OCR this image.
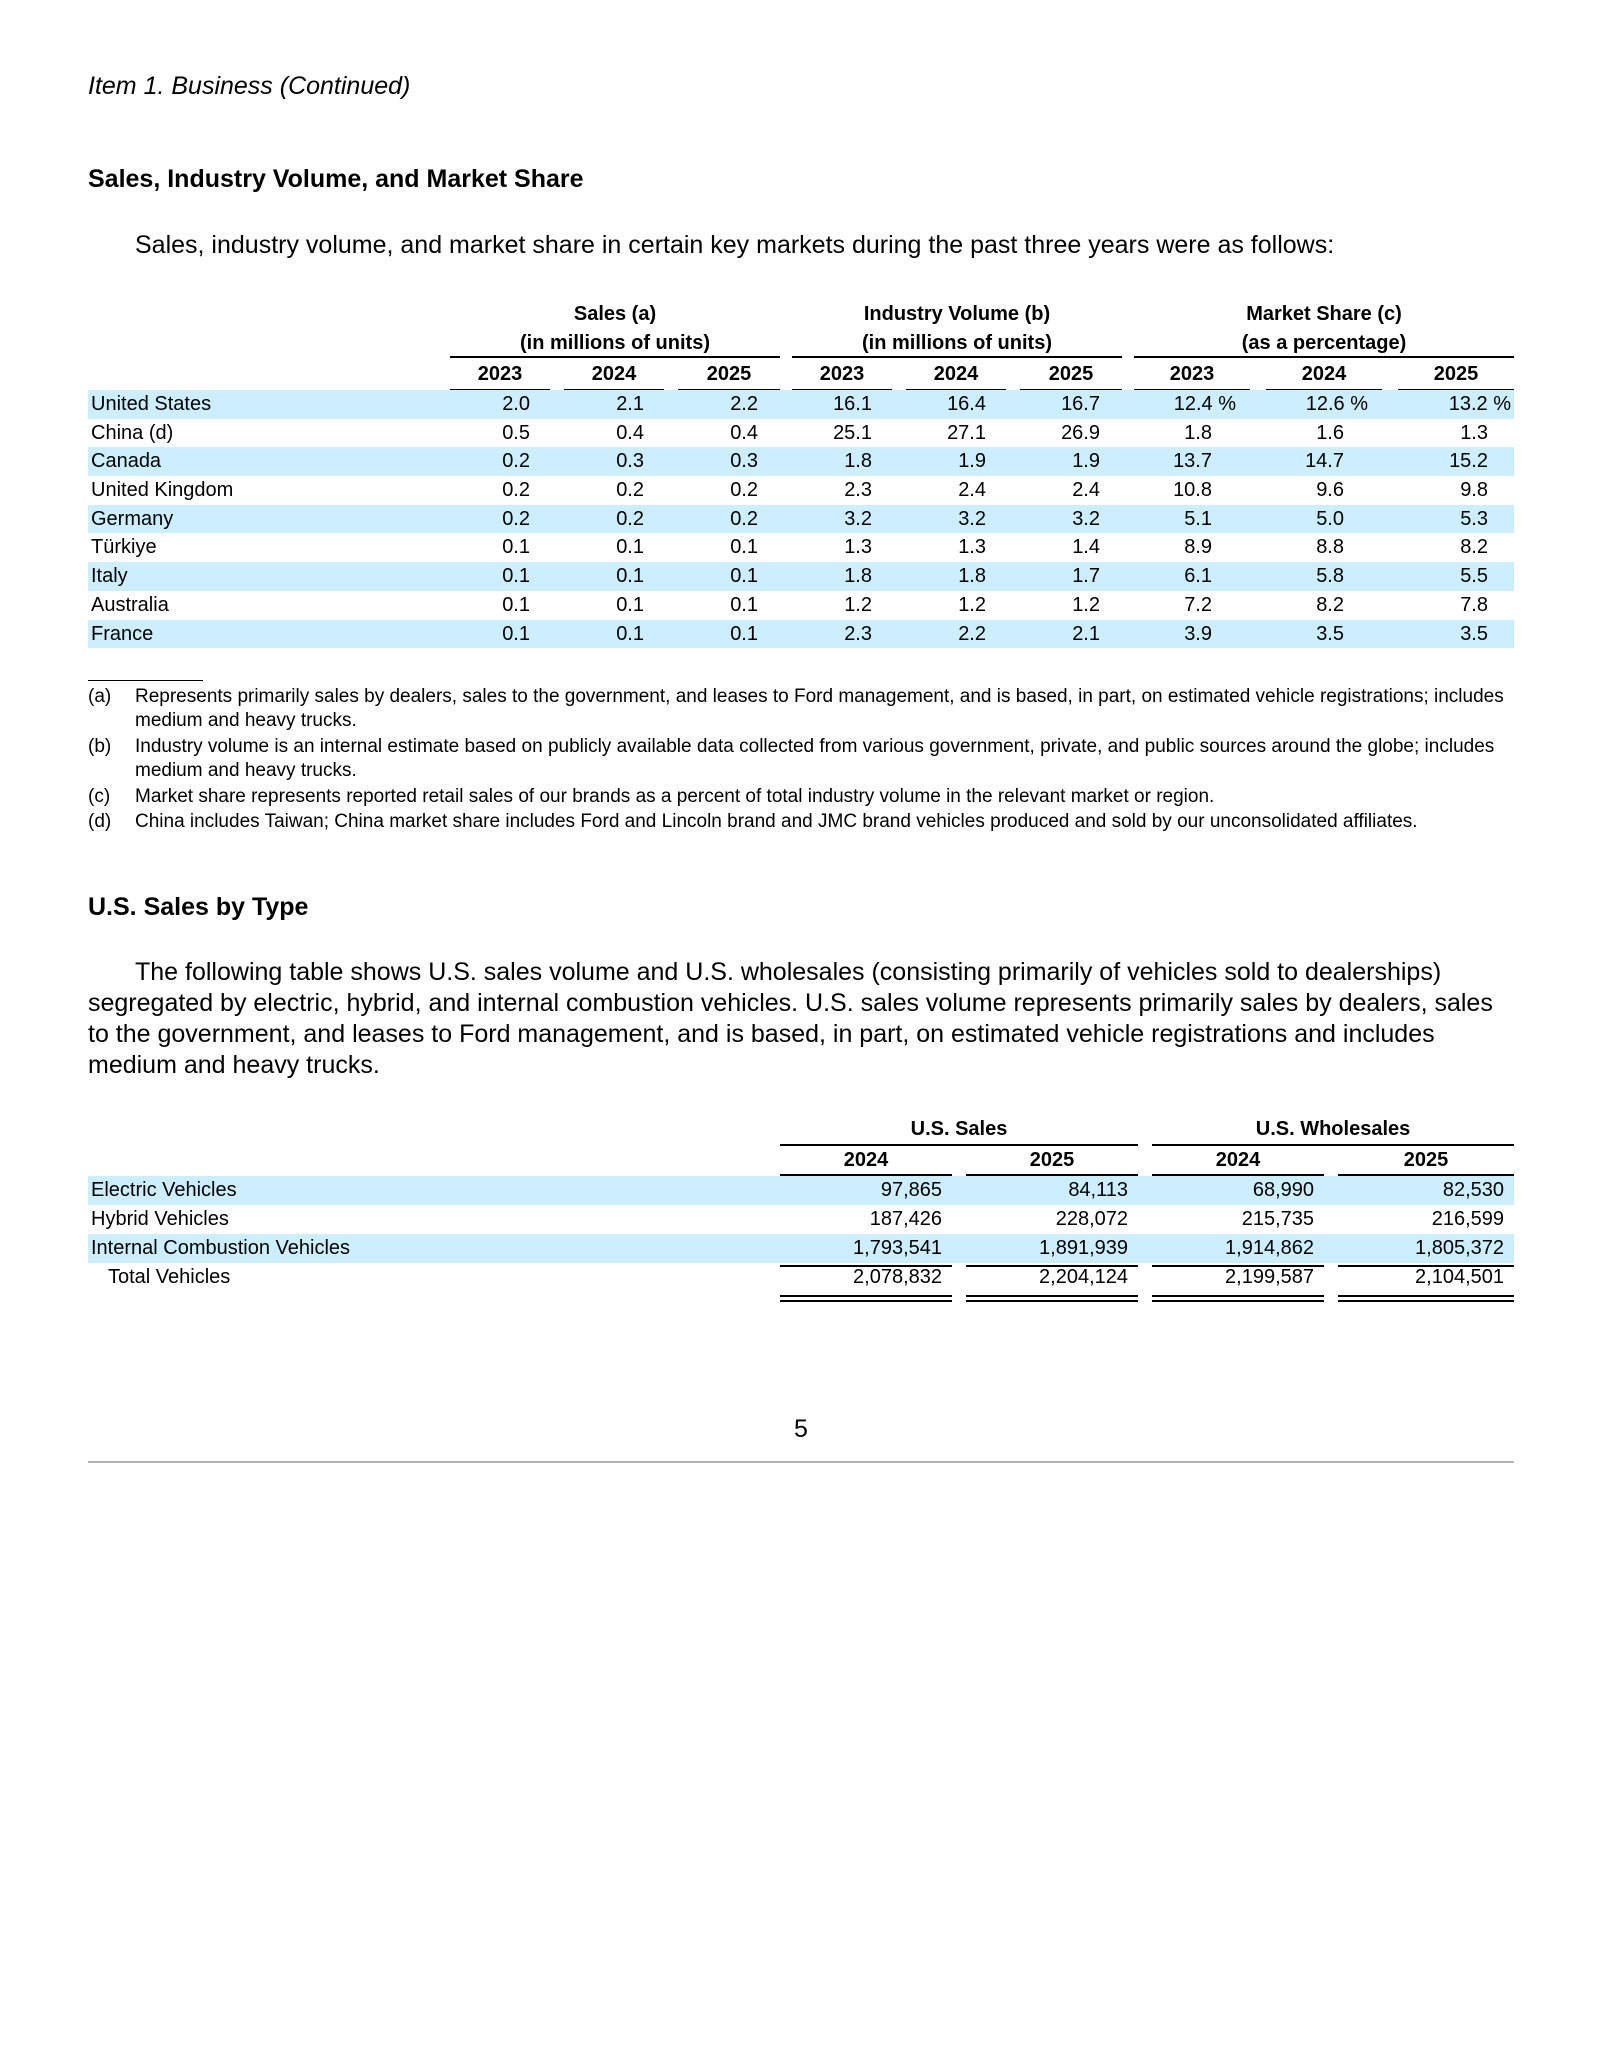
Item 1. Business (Continued)
Sales, Industry Volume, and Market Share
Sales, industry volume, and market share in certain key markets during the past three years were as follows:
Sales (a)
(in millions of units)
Industry Volume (b)
(in millions of units)
Market Share (c)
(as a percentage)
2023	2024	2025	2023	2024	2025	2023	2024	2025
United States	2.0	2.1	2.2	16.1	16.4	16.7	12.4 %	12.6 %	13.2 %
China (d)	0.5	0.4	0.4	25.1	27.1	26.9	1.8	1.6	1.3
Canada	0.2	0.3	0.3	1.8	1.9	1.9	13.7	14.7	15.2
United Kingdom	0.2	0.2	0.2	2.3	2.4	2.4	10.8	9.6	9.8
Germany	0.2	0.2	0.2	3.2	3.2	3.2	5.1	5.0	5.3
Türkiye	0.1	0.1	0.1	1.3	1.3	1.4	8.9	8.8	8.2
Italy	0.1	0.1	0.1	1.8	1.8	1.7	6.1	5.8	5.5
Australia	0.1	0.1	0.1	1.2	1.2	1.2	7.2	8.2	7.8
France	0.1	0.1	0.1	2.3	2.2	2.1	3.9	3.5	3.5
(a) Represents primarily sales by dealers, sales to the government, and leases to Ford management, and is based, in part, on estimated vehicle registrations; includes medium and heavy trucks.
(b) Industry volume is an internal estimate based on publicly available data collected from various government, private, and public sources around the globe; includes medium and heavy trucks.
(c) Market share represents reported retail sales of our brands as a percent of total industry volume in the relevant market or region.
(d) China includes Taiwan; China market share includes Ford and Lincoln brand and JMC brand vehicles produced and sold by our unconsolidated affiliates.
U.S. Sales by Type
The following table shows U.S. sales volume and U.S. wholesales (consisting primarily of vehicles sold to dealerships) segregated by electric, hybrid, and internal combustion vehicles. U.S. sales volume represents primarily sales by dealers, sales to the government, and leases to Ford management, and is based, in part, on estimated vehicle registrations and includes medium and heavy trucks.
U.S. Sales	U.S. Wholesales
2024	2025	2024	2025
Electric Vehicles	97,865	84,113	68,990	82,530
Hybrid Vehicles	187,426	228,072	215,735	216,599
Internal Combustion Vehicles	1,793,541	1,891,939	1,914,862	1,805,372
Total Vehicles	2,078,832	2,204,124	2,199,587	2,104,501
5
